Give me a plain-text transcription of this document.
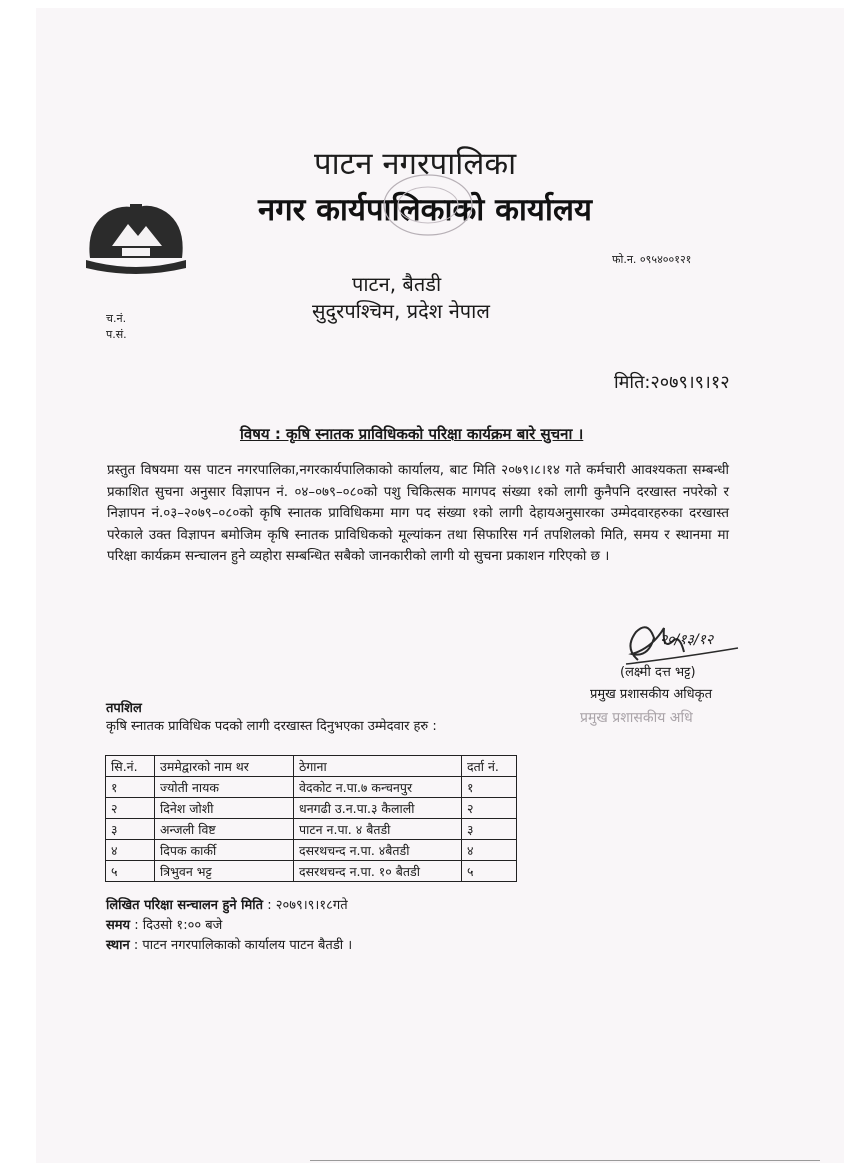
पाटन नगरपालिका
नगर कार्यपालिकाको कार्यालय
पाटन, बैतडी
सुदुरपश्चिम, प्रदेश नेपाल
फो.न. ०९५४००१२१
च.नं.
प.सं.
मिति:२०७९।९।१२
विषय : कृषि स्नातक प्राविधिकको परिक्षा कार्यक्रम बारे सुचना ।

प्रस्तुत विषयमा यस पाटन नगरपालिका,नगरकार्यपालिकाको कार्यालय, बाट मिति २०७९।८।१४ गते कर्मचारी आवश्यकता सम्बन्धी प्रकाशित सुचना अनुसार विज्ञापन नं. ०४–०७९–०८०को पशु चिकित्सक मागपद संख्या १को लागी कुनैपनि दरखास्त नपरेको र निज्ञापन नं.०३–२०७९–०८०को कृषि स्नातक प्राविधिकमा माग पद संख्या १को लागी देहायअनुसारका उम्मेदवारहरुका दरखास्त परेकाले उक्त विज्ञापन बमोजिम कृषि स्नातक प्राविधिकको मूल्यांकन तथा सिफारिस गर्न तपशिलको मिति, समय र स्थानमा मा परिक्षा कार्यक्रम सन्चालन हुने व्यहोरा सम्बन्धित सबैको जानकारीको लागी यो सुचना प्रकाशन गरिएको छ ।

२०/१३/१२
(लक्ष्मी दत्त भट्ट)
प्रमुख प्रशासकीय अधिकृत
प्रमुख प्रशासकीय अधि
तपशिल
कृषि स्नातक प्राविधिक पदको लागी दरखास्त दिनुभएका उम्मेदवार हरु :
सि.नं.	उममेद्वारको नाम थर	ठेगाना	दर्ता नं.
१	ज्योती नायक	वेदकोट न.पा.७ कन्चनपुर	१
२	दिनेश जोशी	धनगढी उ.न.पा.३ कैलाली	२
३	अन्जली विष्ट	पाटन न.पा. ४ बैतडी	३
४	दिपक कार्की	दसरथचन्द न.पा. ४बैतडी	४
५	त्रिभुवन भट्ट	दसरथचन्द न.पा. १० बैतडी	५
लिखित परिक्षा सन्चालन हुने मिति : २०७९।९।१८गते
समय : दिउसो १:०० बजे
स्थान : पाटन नगरपालिकाको कार्यालय पाटन बैतडी ।
